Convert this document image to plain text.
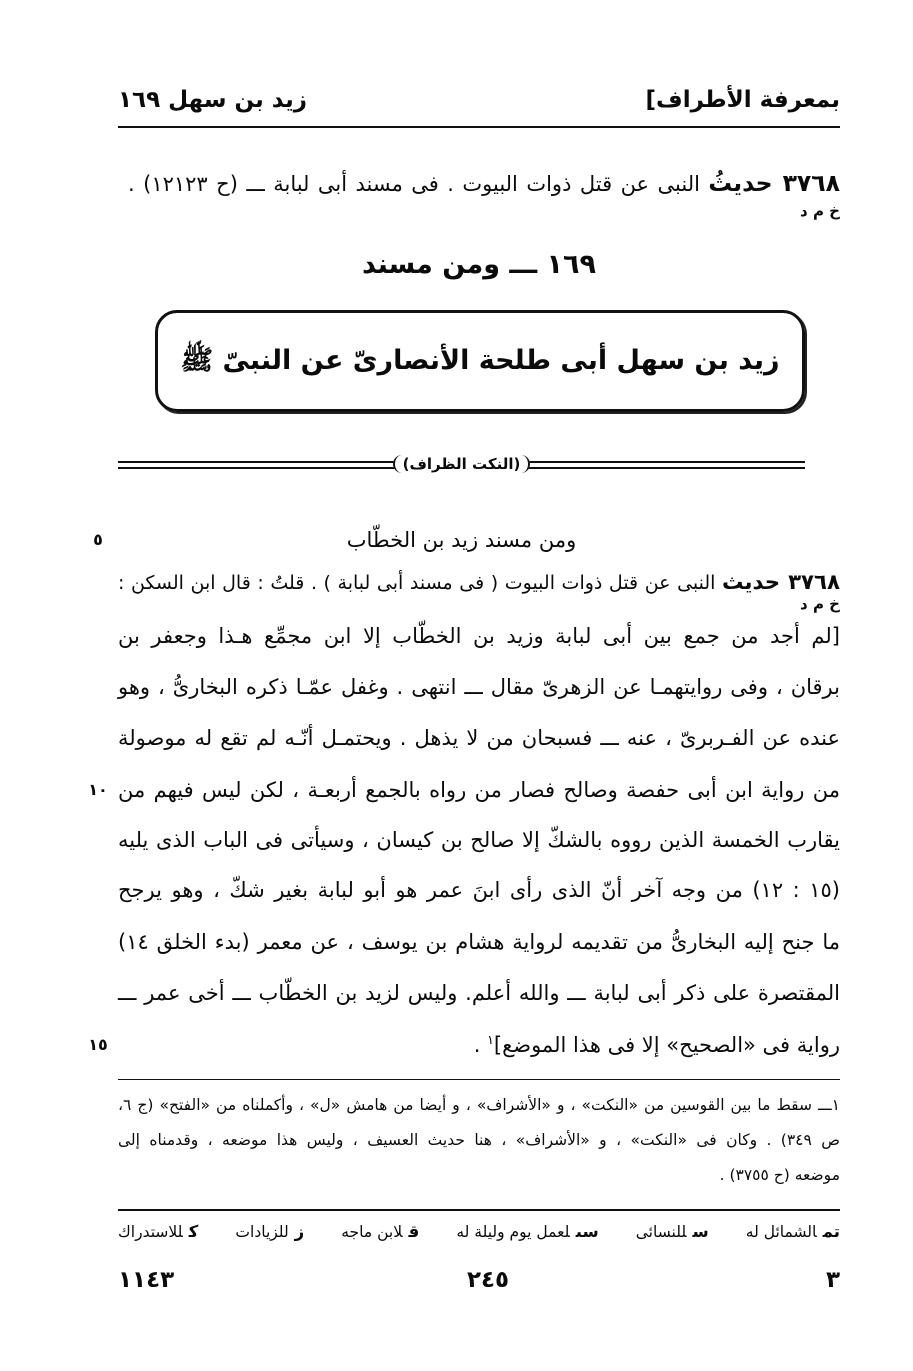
بمعرفة الأطراف]
زيد بن سهل ١٦٩
٣٧٦٨ حديثُ النبى عن قتل ذوات البيوت . فى مسند أبى لبابة ـــ (ح ١٢١٢٣) .
خ م د
١٦٩ ـــ ومن مسند
زيد بن سهل أبى طلحة الأنصارىّ عن النبىّ ﷺ
(النكت الظراف)
ومن مسند زيد بن الخطّاب
٥
٣٧٦٨ حديث النبى عن قتل ذوات البيوت ( فى مسند أبى لبابة ) . قلتُ : قال ابن السكن :
خ م د
[لم أجد من جمع بين أبى لبابة وزيد بن الخطّاب إلا ابن مجمِّع هـذا وجعفر بن
برقان ، وفى روايتهمـا عن الزهرىّ مقال ـــ انتهى . وغفل عمّـا ذكره البخارىُّ ، وهو
عنده عن الفـربرىّ ، عنه ـــ فسبحان من لا يذهل . ويحتمـل أنّـه لم تقع له موصولة
من رواية ابن أبى حفصة وصالح فصار من رواه بالجمع أربعـة ، لكن ليس فيهم من
١٠
يقارب الخمسة الذين رووه بالشكّ إلا صالح بن كيسان ، وسيأتى فى الباب الذى يليه
(١٥ : ١٢) من وجه آخر أنّ الذى رأى ابنَ عمر هو أبو لبابة بغير شكّ ، وهو يرجح
ما جنح إليه البخارىُّ من تقديمه لرواية هشام بن يوسف ، عن معمر (بدء الخلق ١٤)
المقتصرة على ذكر أبى لبابة ـــ والله أعلم. وليس لزيد بن الخطّاب ـــ أخى عمر ـــ
رواية فى «الصحيح» إلا فى هذا الموضع]$^١$ .
١٥
١ـــ سقط ما بين القوسين من «النكت» ، و «الأشراف» ، و أيضا من هامش «ل» ، وأكملناه من «الفتح» (ج ٦،
ص ٣٤٩) . وكان فى «النكت» ، و «الأشراف» ، هنا حديث العسيف ، وليس هذا موضعه ، وقدمناه إلى
موضعه (ح ٣٧٥٥) .
تمالشمائل له
سللنسائى
سىلعمل يوم وليلة له
قلابن ماجه
زللزيادات
كللاستدراك
٣
٢٤٥
١١٤٣
